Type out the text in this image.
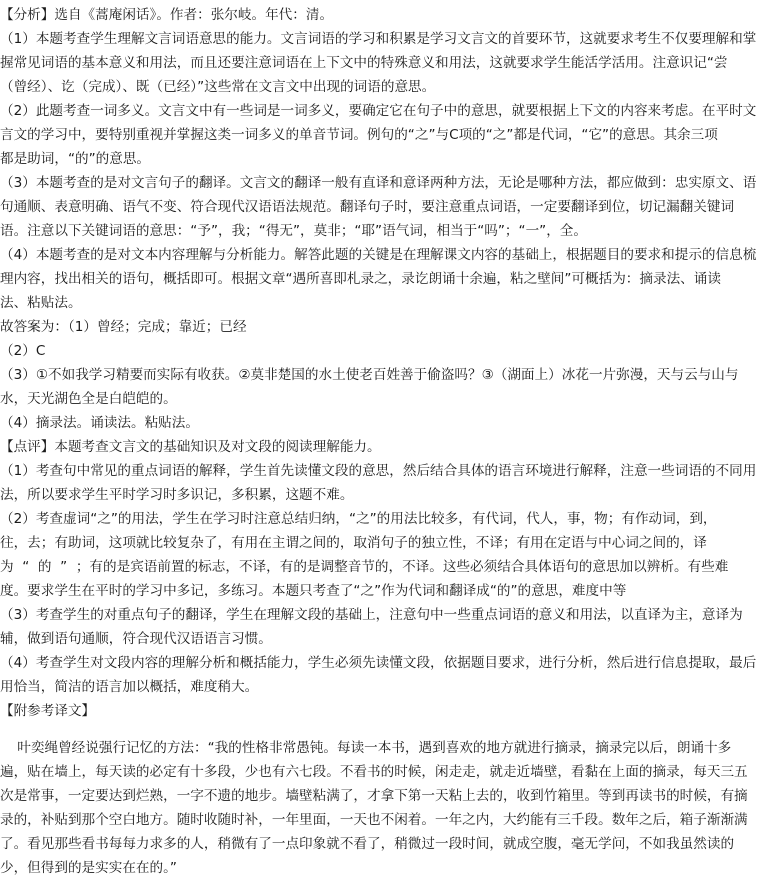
【分析】选自《蒿庵闲话》。作者：张尔岐。年代：清。
（1）本题考查学生理解文言词语意思的能力。文言词语的学习和积累是学习文言文的首要环节，这就要求考生不仅要理解和掌
握常见词语的基本意义和用法，而且还要注意词语在上下文中的特殊意义和用法，这就要求学生能活学活用。注意识记“尝
（曾经）、讫（完成）、既（已经）”这些常在文言文中出现的词语的意思。
（2）此题考查一词多义。文言文中有一些词是一词多义，要确定它在句子中的意思，就要根据上下文的内容来考虑。在平时文
言文的学习中，要特别重视并掌握这类一词多义的单音节词。例句的“之”与C项的“之”都是代词，“它”的意思。其余三项
都是助词，“的”的意思。
（3）本题考查的是对文言句子的翻译。文言文的翻译一般有直译和意译两种方法，无论是哪种方法，都应做到：忠实原文、语
句通顺、表意明确、语气不变、符合现代汉语语法规范。翻译句子时，要注意重点词语，一定要翻译到位，切记漏翻关键词
语。注意以下关键词语的意思：“予”，我；“得无”，莫非；“耶”语气词，相当于“吗”；“一”，全。
（4）本题考查的是对文本内容理解与分析能力。解答此题的关键是在理解课文内容的基础上，根据题目的要求和提示的信息梳
理内容，找出相关的语句，概括即可。根据文章“遇所喜即札录之，录讫朗诵十余遍，粘之壁间”可概括为：摘录法、诵读
法、粘贴法。
故答案为：（1）曾经；完成；靠近；已经
（2）C
（3）①不如我学习精要而实际有收获。②莫非楚国的水土使老百姓善于偷盗吗？③（湖面上）冰花一片弥漫，天与云与山与
水，天光湖色全是白皑皑的。
（4）摘录法。诵读法。粘贴法。
【点评】本题考查文言文的基础知识及对文段的阅读理解能力。
（1）考查句中常见的重点词语的解释，学生首先读懂文段的意思，然后结合具体的语言环境进行解释，注意一些词语的不同用
法，所以要求学生平时学习时多识记，多积累，这题不难。
（2）考查虚词“之”的用法，学生在学习时注意总结归纳，“之”的用法比较多，有代词，代人，事，物；有作动词，到，
往，去；有助词，这项就比较复杂了，有用在主谓之间的，取消句子的独立性，不译；有用在定语与中心词之间的，译
为  “  的  ”  ；有的是宾语前置的标志，不译，有的是调整音节的，不译。这些必须结合具体语句的意思加以辨析。有些难
度。要求学生在平时的学习中多记，多练习。本题只考查了“之”作为代词和翻译成“的”的意思，难度中等
（3）考查学生的对重点句子的翻译，学生在理解文段的基础上，注意句中一些重点词语的意义和用法，以直译为主，意译为
辅，做到语句通顺，符合现代汉语语言习惯。
（4）考查学生对文段内容的理解分析和概括能力，学生必须先读懂文段，依据题目要求，进行分析，然后进行信息提取，最后
用恰当，简洁的语言加以概括，难度稍大。
【附参考译文】
叶奕绳曾经说强行记忆的方法：“我的性格非常愚钝。每读一本书，遇到喜欢的地方就进行摘录，摘录完以后，朗诵十多
遍，贴在墙上，每天读的必定有十多段，少也有六七段。不看书的时候，闲走走，就走近墙壁，看黏在上面的摘录，每天三五
次是常事，一定要达到烂熟，一字不遗的地步。墙壁粘满了，才拿下第一天粘上去的，收到竹箱里。等到再读书的时候，有摘
录的，补贴到那个空白地方。随时收随时补，一年里面，一天也不闲着。一年之内，大约能有三千段。数年之后，箱子渐渐满
了。看见那些看书每每力求多的人，稍微有了一点印象就不看了，稍微过一段时间，就成空腹，毫无学问，不如我虽然读的
少，但得到的是实实在在的。”
